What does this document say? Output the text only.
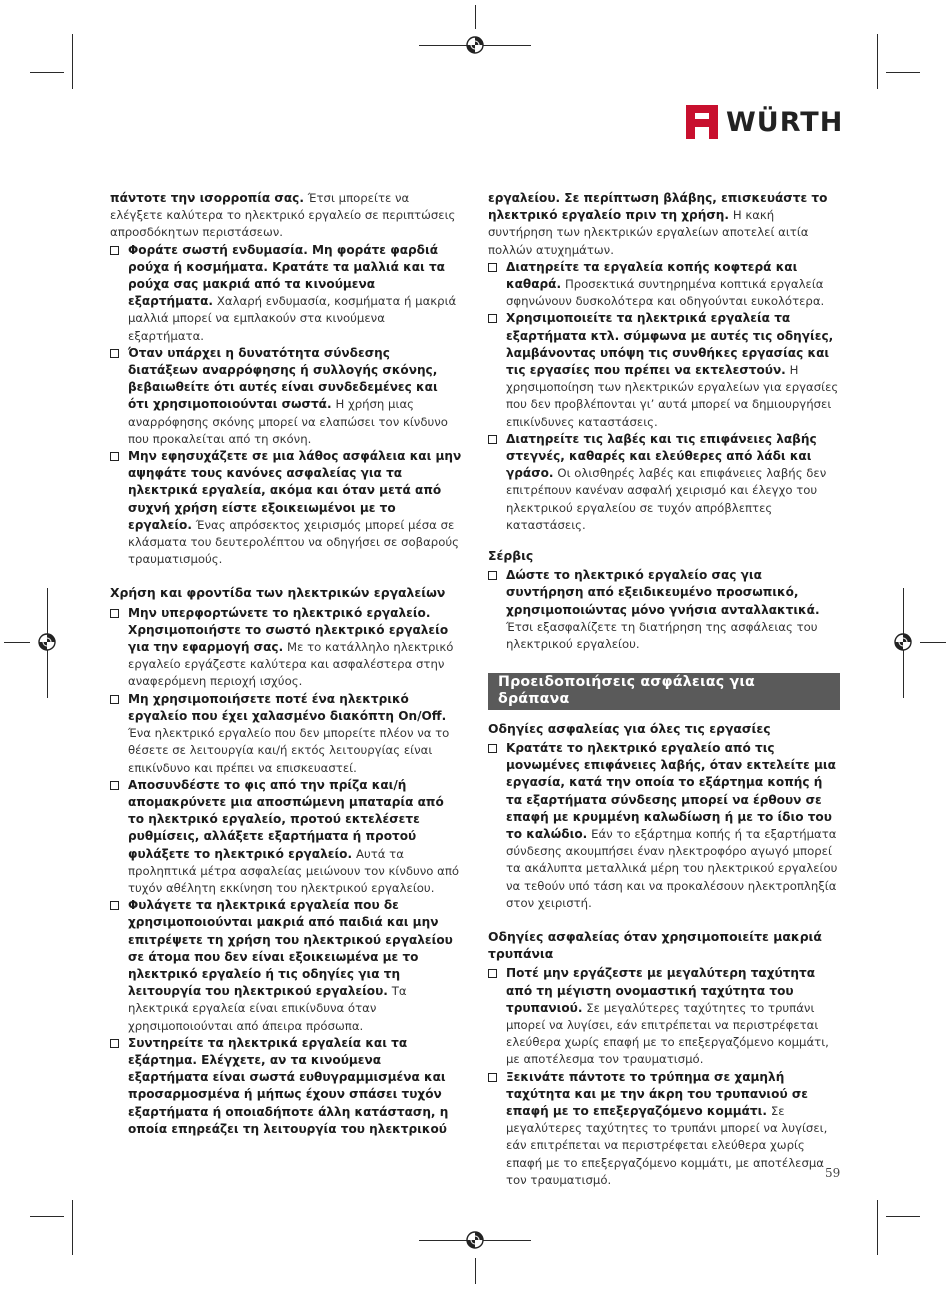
WÜRTH

πάντοτε την ισορροπία σας. Έτσι μπορείτε να ελέγξετε καλύτερα το ηλεκτρικό εργαλείο σε περιπτώσεις απροσδόκητων περιστάσεων.

Φοράτε σωστή ενδυμασία. Μη φοράτε φαρδιά ρούχα ή κοσμήματα. Κρατάτε τα μαλλιά και τα ρούχα σας μακριά από τα κινούμενα εξαρτήματα. Χαλαρή ενδυμασία, κοσμήματα ή μακριά μαλλιά μπορεί να εμπλακούν στα κινούμενα εξαρτήματα.

Όταν υπάρχει η δυνατότητα σύνδεσης διατάξεων αναρρόφησης ή συλλογής σκόνης, βεβαιωθείτε ότι αυτές είναι συνδεδεμένες και ότι χρησιμοποιούνται σωστά. Η χρήση μιας αναρρόφησης σκόνης μπορεί να ελαπώσει τον κίνδυνο που προκαλείται από τη σκόνη.

Μην εφησυχάζετε σε μια λάθος ασφάλεια και μην αψηφάτε τους κανόνες ασφαλείας για τα ηλεκτρικά εργαλεία, ακόμα και όταν μετά από συχνή χρήση είστε εξοικειωμένοι με το εργαλείο. Ένας απρόσεκτος χειρισμός μπορεί μέσα σε κλάσματα του δευτερολέπτου να οδηγήσει σε σοβαρούς τραυματισμούς.

Χρήση και φροντίδα των ηλεκτρικών εργαλείων

Μην υπερφορτώνετε το ηλεκτρικό εργαλείο. Χρησιμοποιήστε το σωστό ηλεκτρικό εργαλείο για την εφαρμογή σας. Με το κατάλληλο ηλεκτρικό εργαλείο εργάζεστε καλύτερα και ασφαλέστερα στην αναφερόμενη περιοχή ισχύος.

Μη χρησιμοποιήσετε ποτέ ένα ηλεκτρικό εργαλείο που έχει χαλασμένο διακόπτη On/Off. Ένα ηλεκτρικό εργαλείο που δεν μπορείτε πλέον να το θέσετε σε λειτουργία και/ή εκτός λειτουργίας είναι επικίνδυνο και πρέπει να επισκευαστεί.

Αποσυνδέστε το φις από την πρίζα και/ή απομακρύνετε μια αποσπώμενη μπαταρία από το ηλεκτρικό εργαλείο, προτού εκτελέσετε ρυθμίσεις, αλλάξετε εξαρτήματα ή προτού φυλάξετε το ηλεκτρικό εργαλείο. Αυτά τα προληπτικά μέτρα ασφαλείας μειώνουν τον κίνδυνο από τυχόν αθέλητη εκκίνηση του ηλεκτρικού εργαλείου.

Φυλάγετε τα ηλεκτρικά εργαλεία που δε χρησιμοποιούνται μακριά από παιδιά και μην επιτρέψετε τη χρήση του ηλεκτρικού εργαλείου σε άτομα που δεν είναι εξοικειωμένα με το ηλεκτρικό εργαλείο ή τις οδηγίες για τη λειτουργία του ηλεκτρικού εργαλείου. Τα ηλεκτρικά εργαλεία είναι επικίνδυνα όταν χρησιμοποιούνται από άπειρα πρόσωπα.

Συντηρείτε τα ηλεκτρικά εργαλεία και τα εξάρτημα. Ελέγχετε, αν τα κινούμενα εξαρτήματα είναι σωστά ευθυγραμμισμένα και προσαρμοσμένα ή μήπως έχουν σπάσει τυχόν εξαρτήματα ή οποιαδήποτε άλλη κατάσταση, η οποία επηρεάζει τη λειτουργία του ηλεκτρικού

εργαλείου. Σε περίπτωση βλάβης, επισκευάστε το ηλεκτρικό εργαλείο πριν τη χρήση. Η κακή συντήρηση των ηλεκτρικών εργαλείων αποτελεί αιτία πολλών ατυχημάτων.

Διατηρείτε τα εργαλεία κοπής κοφτερά και καθαρά. Προσεκτικά συντηρημένα κοπτικά εργαλεία σφηνώνουν δυσκολότερα και οδηγούνται ευκολότερα.

Χρησιμοποιείτε τα ηλεκτρικά εργαλεία τα εξαρτήματα κτλ. σύμφωνα με αυτές τις οδηγίες, λαμβάνοντας υπόψη τις συνθήκες εργασίας και τις εργασίες που πρέπει να εκτελεστούν. Η χρησιμοποίηση των ηλεκτρικών εργαλείων για εργασίες που δεν προβλέπονται γι’ αυτά μπορεί να δημιουργήσει επικίνδυνες καταστάσεις.

Διατηρείτε τις λαβές και τις επιφάνειες λαβής στεγνές, καθαρές και ελεύθερες από λάδι και γράσο. Οι ολισθηρές λαβές και επιφάνειες λαβής δεν επιτρέπουν κανέναν ασφαλή χειρισμό και έλεγχο του ηλεκτρικού εργαλείου σε τυχόν απρόβλεπτες καταστάσεις.

Σέρβις

Δώστε το ηλεκτρικό εργαλείο σας για συντήρηση από εξειδικευμένο προσωπικό, χρησιμοποιώντας μόνο γνήσια ανταλλακτικά. Έτσι εξασφαλίζετε τη διατήρηση της ασφάλειας του ηλεκτρικού εργαλείου.

Προειδοποιήσεις ασφάλειας για δράπανα
Οδηγίες ασφαλείας για όλες τις εργασίες

Κρατάτε το ηλεκτρικό εργαλείο από τις μονωμένες επιφάνειες λαβής, όταν εκτελείτε μια εργασία, κατά την οποία το εξάρτημα κοπής ή τα εξαρτήματα σύνδεσης μπορεί να έρθουν σε επαφή με κρυμμένη καλωδίωση ή με το ίδιο του το καλώδιο. Εάν το εξάρτημα κοπής ή τα εξαρτήματα σύνδεσης ακουμπήσει έναν ηλεκτροφόρο αγωγό μπορεί τα ακάλυπτα μεταλλικά μέρη του ηλεκτρικού εργαλείου να τεθούν υπό τάση και να προκαλέσουν ηλεκτροπληξία στον χειριστή.

Οδηγίες ασφαλείας όταν χρησιμοποιείτε μακριά τρυπάνια

Ποτέ μην εργάζεστε με μεγαλύτερη ταχύτητα από τη μέγιστη ονομαστική ταχύτητα του τρυπανιού. Σε μεγαλύτερες ταχύτητες το τρυπάνι μπορεί να λυγίσει, εάν επιτρέπεται να περιστρέφεται ελεύθερα χωρίς επαφή με το επεξεργαζόμενο κομμάτι, με αποτέλεσμα τον τραυματισμό.

Ξεκινάτε πάντοτε το τρύπημα σε χαμηλή ταχύτητα και με την άκρη του τρυπανιού σε επαφή με το επεξεργαζόμενο κομμάτι. Σε μεγαλύτερες ταχύτητες το τρυπάνι μπορεί να λυγίσει, εάν επιτρέπεται να περιστρέφεται ελεύθερα χωρίς επαφή με το επεξεργαζόμενο κομμάτι, με αποτέλεσμα τον τραυματισμό.	59
